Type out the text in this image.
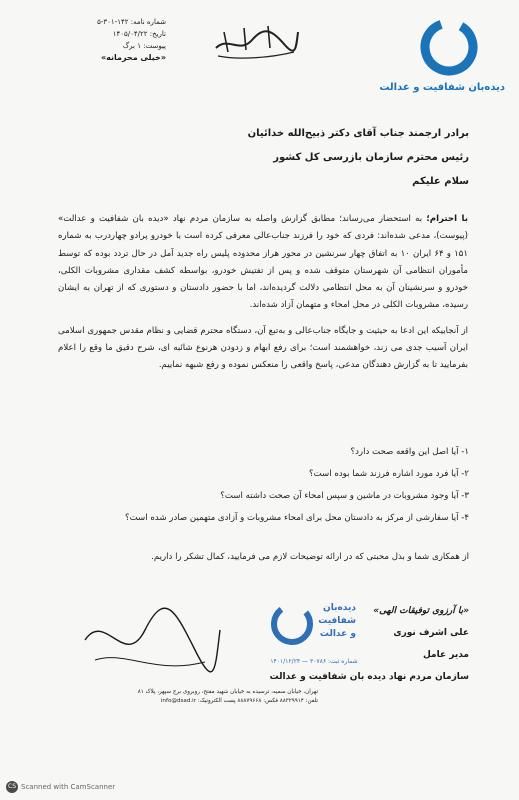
دیده‌بان شفافیت و عدالت
شماره نامه: ۱۴۲-۳۰۱-۵
تاریخ: ۱۴۰۵/۰۴/۲۲
پیوست: ۱ برگ
«خیلی محرمانه»
برادر ارجمند جناب آقای دکتر ذبیح‌الله خدائیان
رئیس محترم سازمان بازرسی کل کشور
سلام علیکم

با احترام؛ به استحضار می‌رساند؛ مطابق گزارش واصله به سازمان مردم نهاد «دیده بان شفافیت و عدالت» (پیوست)، مدعی شده‌اند: فردی که خود را فرزند جناب‌عالی معرفی کرده است با خودرو پرادو چهاردرب به شماره ۱۵۱ و ۶۴ ایران ۱۰ به اتفاق چهار سرنشین در محور هراز محدوده پلیس راه جدید آمل در حال تردد بوده که توسط مأموران انتظامی آن شهرستان متوقف شده و پس از تفتیش خودرو، بواسطه کشف مقداری مشروبات الکلی، خودرو و سرنشینان آن به محل انتظامی دلالت گردیده‌اند، اما با حضور دادستان و دستوری که از تهران به ایشان رسیده، مشروبات الکلی در محل امحاء و متهمان آزاد شده‌اند.

از آنجاییکه این ادعا به حیثیت و جایگاه جناب‌عالی و به‌تبع آن، دستگاه محترم قضایی و نظام مقدس جمهوری اسلامی ایران آسیب جدی می زند، خواهشمند است؛ برای رفع ابهام و زدودن هرنوع شائبه ای، شرح دقیق ما وقع را اعلام بفرمایید تا به گزارش دهندگان مدعی، پاسخ واقعی را منعکس نموده و رفع شبهه نماییم.

۱- آیا اصل این واقعه صحت دارد؟
۲- آیا فرد مورد اشاره فرزند شما بوده است؟
۳- آیا وجود مشروبات در ماشین و سپس امحاء آن صحت داشته است؟
۴- آیا سفارشی از مرکز به دادستان محل برای امحاء مشروبات و آزادی متهمین صادر شده است؟
از همکاری شما و بذل محبتی که در ارائه توضیحات لازم می فرمایید، کمال تشکر را داریم.
دیده‌بان
شفافیت
و عدالت
شماره ثبت: ۳۰۷۸۶ — ۱۴۰۱/۱۲/۲۴
«با آرزوی توفیقات الهی»
علی اشرف نوری
مدیر عامل
سازمان مردم نهاد دیده بان شفافیت و عدالت
تهران، خیابان سمیه، ترسیده به خیابان شهید مفتح، روبروی برج سپهر، پلاک ۸۱
تلفن: ۸۸۳۲۹۹۱۴ فکس: ۸۸۸۷۹۶۶۸ پست الکترونیک: info@dsad.ir
CS Scanned with CamScanner
